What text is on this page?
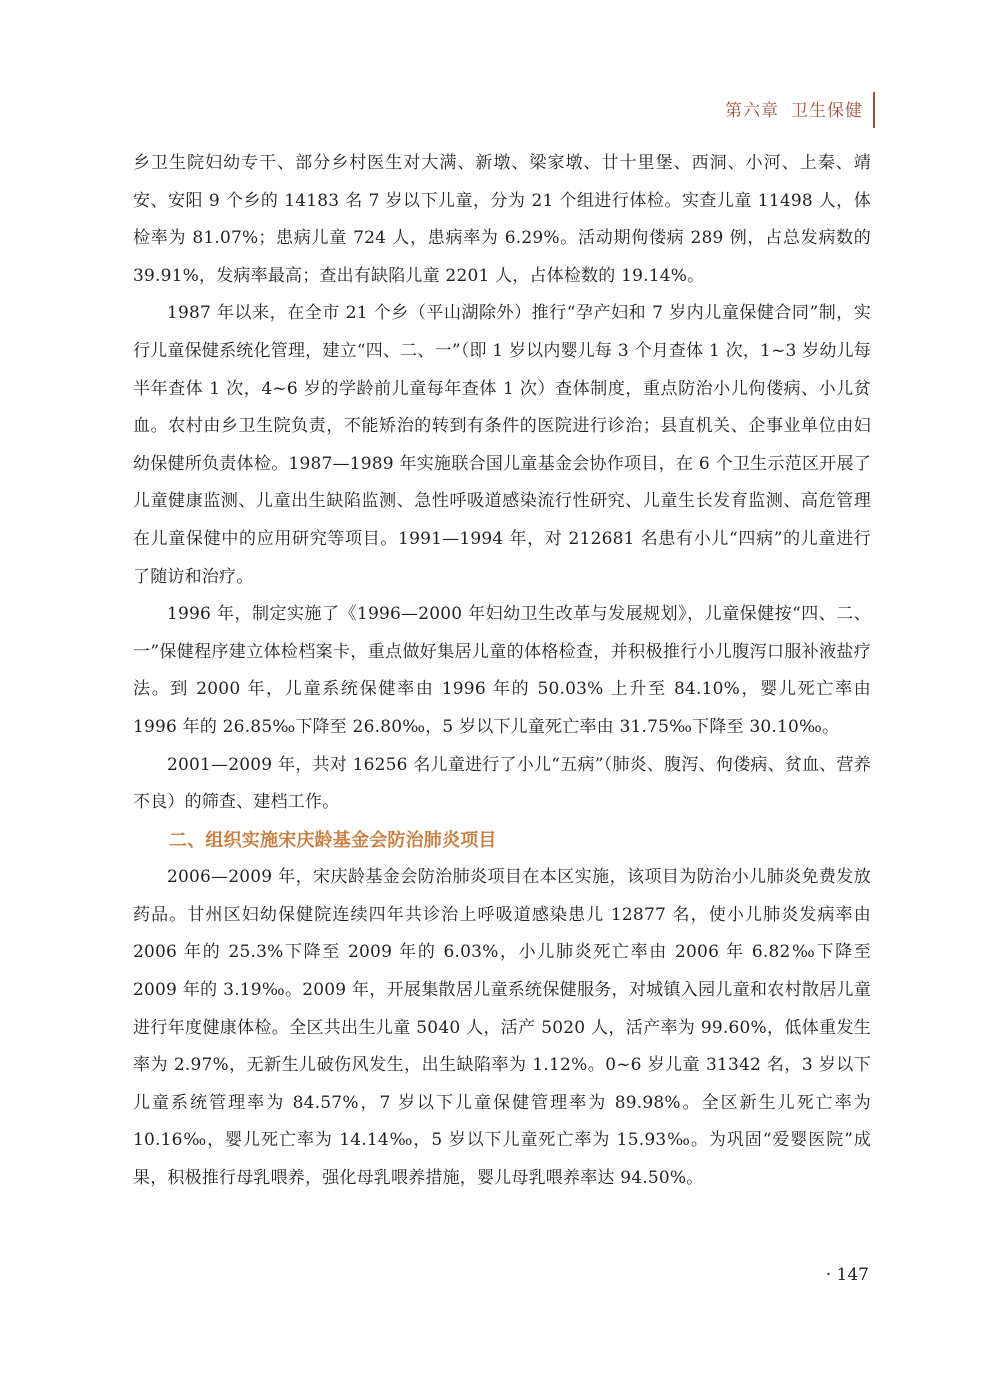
第六章 卫生保健

乡卫生院妇幼专干、部分乡村医生对大满、新墩、梁家墩、廿十里堡、西洞、小河、上秦、靖安、安阳 9 个乡的 14183 名 7 岁以下儿童，分为 21 个组进行体检。实查儿童 11498 人，体检率为 81.07%；患病儿童 724 人，患病率为 6.29%。活动期佝偻病 289 例，占总发病数的 39.91%，发病率最高；查出有缺陷儿童 2201 人，占体检数的 19.14%。

1987 年以来，在全市 21 个乡（平山湖除外）推行“孕产妇和 7 岁内儿童保健合同”制，实行儿童保健系统化管理，建立“四、二、一”（即 1 岁以内婴儿每 3 个月查体 1 次，1~3 岁幼儿每半年查体 1 次，4~6 岁的学龄前儿童每年查体 1 次）查体制度，重点防治小儿佝偻病、小儿贫血。农村由乡卫生院负责，不能矫治的转到有条件的医院进行诊治；县直机关、企事业单位由妇幼保健所负责体检。1987—1989 年实施联合国儿童基金会协作项目，在 6 个卫生示范区开展了儿童健康监测、儿童出生缺陷监测、急性呼吸道感染流行性研究、儿童生长发育监测、高危管理在儿童保健中的应用研究等项目。1991—1994 年，对 212681 名患有小儿“四病”的儿童进行了随访和治疗。

1996 年，制定实施了《1996—2000 年妇幼卫生改革与发展规划》，儿童保健按“四、二、一”保健程序建立体检档案卡，重点做好集居儿童的体格检查，并积极推行小儿腹泻口服补液盐疗法。到 2000 年，儿童系统保健率由 1996 年的 50.03% 上升至 84.10%，婴儿死亡率由 1996 年的 26.85‰下降至 26.80‰，5 岁以下儿童死亡率由 31.75‰下降至 30.10‰。

2001—2009 年，共对 16256 名儿童进行了小儿“五病”（肺炎、腹泻、佝偻病、贫血、营养不良）的筛查、建档工作。

二、组织实施宋庆龄基金会防治肺炎项目

2006—2009 年，宋庆龄基金会防治肺炎项目在本区实施，该项目为防治小儿肺炎免费发放药品。甘州区妇幼保健院连续四年共诊治上呼吸道感染患儿 12877 名，使小儿肺炎发病率由 2006 年的 25.3%下降至 2009 年的 6.03%，小儿肺炎死亡率由 2006 年 6.82‰下降至 2009 年的 3.19‰。2009 年，开展集散居儿童系统保健服务，对城镇入园儿童和农村散居儿童进行年度健康体检。全区共出生儿童 5040 人，活产 5020 人，活产率为 99.60%，低体重发生率为 2.97%，无新生儿破伤风发生，出生缺陷率为 1.12%。0~6 岁儿童 31342 名，3 岁以下儿童系统管理率为 84.57%，7 岁以下儿童保健管理率为 89.98%。全区新生儿死亡率为 10.16‰，婴儿死亡率为 14.14‰，5 岁以下儿童死亡率为 15.93‰。为巩固“爱婴医院”成果，积极推行母乳喂养，强化母乳喂养措施，婴儿母乳喂养率达 94.50%。

· 147
